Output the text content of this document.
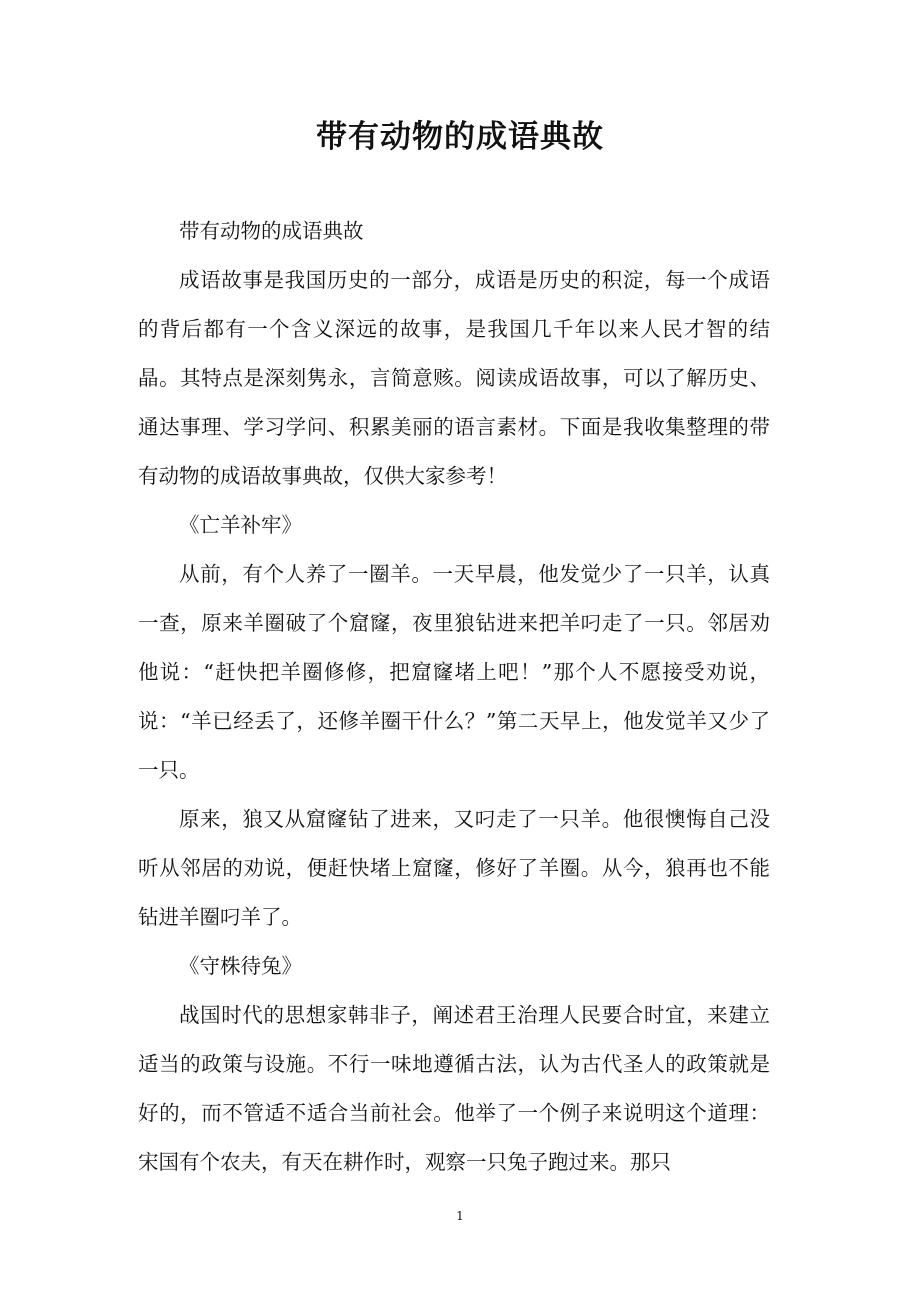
带有动物的成语典故

带有动物的成语典故

成语故事是我国历史的一部分，成语是历史的积淀，每一个成语的背后都有一个含义深远的故事，是我国几千年以来人民才智的结晶。其特点是深刻隽永，言简意赅。阅读成语故事，可以了解历史、通达事理、学习学问、积累美丽的语言素材。下面是我收集整理的带有动物的成语故事典故，仅供大家参考！

《亡羊补牢》

从前，有个人养了一圈羊。一天早晨，他发觉少了一只羊，认真一查，原来羊圈破了个窟窿，夜里狼钻进来把羊叼走了一只。邻居劝他说：“赶快把羊圈修修，把窟窿堵上吧！”那个人不愿接受劝说，说：“羊已经丢了，还修羊圈干什么？”第二天早上，他发觉羊又少了一只。

原来，狼又从窟窿钻了进来，又叼走了一只羊。他很懊悔自己没听从邻居的劝说，便赶快堵上窟窿，修好了羊圈。从今，狼再也不能钻进羊圈叼羊了。

《守株待兔》

战国时代的思想家韩非子，阐述君王治理人民要合时宜，来建立适当的政策与设施。不行一味地遵循古法，认为古代圣人的政策就是好的，而不管适不适合当前社会。他举了一个例子来说明这个道理：宋国有个农夫，有天在耕作时，观察一只兔子跑过来。那只

1
